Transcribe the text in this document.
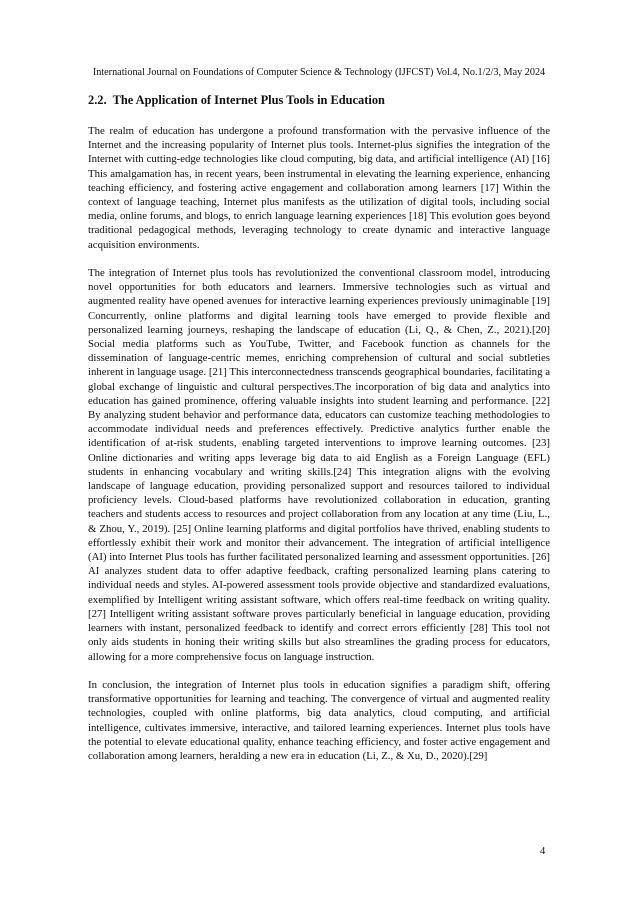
International Journal on Foundations of Computer Science & Technology (IJFCST) Vol.4, No.1/2/3, May 2024
2.2. The Application of Internet Plus Tools in Education

The realm of education has undergone a profound transformation with the pervasive influence of the Internet and the increasing popularity of Internet plus tools. Internet-plus signifies the integration of the Internet with cutting-edge technologies like cloud computing, big data, and artificial intelligence (AI) [16] This amalgamation has, in recent years, been instrumental in elevating the learning experience, enhancing teaching efficiency, and fostering active engagement and collaboration among learners [17] Within the context of language teaching, Internet plus manifests as the utilization of digital tools, including social media, online forums, and blogs, to enrich language learning experiences [18] This evolution goes beyond traditional pedagogical methods, leveraging technology to create dynamic and interactive language acquisition environments.

The integration of Internet plus tools has revolutionized the conventional classroom model, introducing novel opportunities for both educators and learners. Immersive technologies such as virtual and augmented reality have opened avenues for interactive learning experiences previously unimaginable [19] Concurrently, online platforms and digital learning tools have emerged to provide flexible and personalized learning journeys, reshaping the landscape of education (Li, Q., & Chen, Z., 2021).[20] Social media platforms such as YouTube, Twitter, and Facebook function as channels for the dissemination of language-centric memes, enriching comprehension of cultural and social subtleties inherent in language usage. [21] This interconnectedness transcends geographical boundaries, facilitating a global exchange of linguistic and cultural perspectives.The incorporation of big data and analytics into education has gained prominence, offering valuable insights into student learning and performance. [22] By analyzing student behavior and performance data, educators can customize teaching methodologies to accommodate individual needs and preferences effectively. Predictive analytics further enable the identification of at-risk students, enabling targeted interventions to improve learning outcomes. [23] Online dictionaries and writing apps leverage big data to aid English as a Foreign Language (EFL) students in enhancing vocabulary and writing skills.[24] This integration aligns with the evolving landscape of language education, providing personalized support and resources tailored to individual proficiency levels. Cloud-based platforms have revolutionized collaboration in education, granting teachers and students access to resources and project collaboration from any location at any time (Liu, L., & Zhou, Y., 2019). [25] Online learning platforms and digital portfolios have thrived, enabling students to effortlessly exhibit their work and monitor their advancement. The integration of artificial intelligence (AI) into Internet Plus tools has further facilitated personalized learning and assessment opportunities. [26] AI analyzes student data to offer adaptive feedback, crafting personalized learning plans catering to individual needs and styles. AI-powered assessment tools provide objective and standardized evaluations, exemplified by Intelligent writing assistant software, which offers real-time feedback on writing quality. [27] Intelligent writing assistant software proves particularly beneficial in language education, providing learners with instant, personalized feedback to identify and correct errors efficiently [28] This tool not only aids students in honing their writing skills but also streamlines the grading process for educators, allowing for a more comprehensive focus on language instruction.

In conclusion, the integration of Internet plus tools in education signifies a paradigm shift, offering transformative opportunities for learning and teaching. The convergence of virtual and augmented reality technologies, coupled with online platforms, big data analytics, cloud computing, and artificial intelligence, cultivates immersive, interactive, and tailored learning experiences. Internet plus tools have the potential to elevate educational quality, enhance teaching efficiency, and foster active engagement and collaboration among learners, heralding a new era in education (Li, Z., & Xu, D., 2020).[29]

4
